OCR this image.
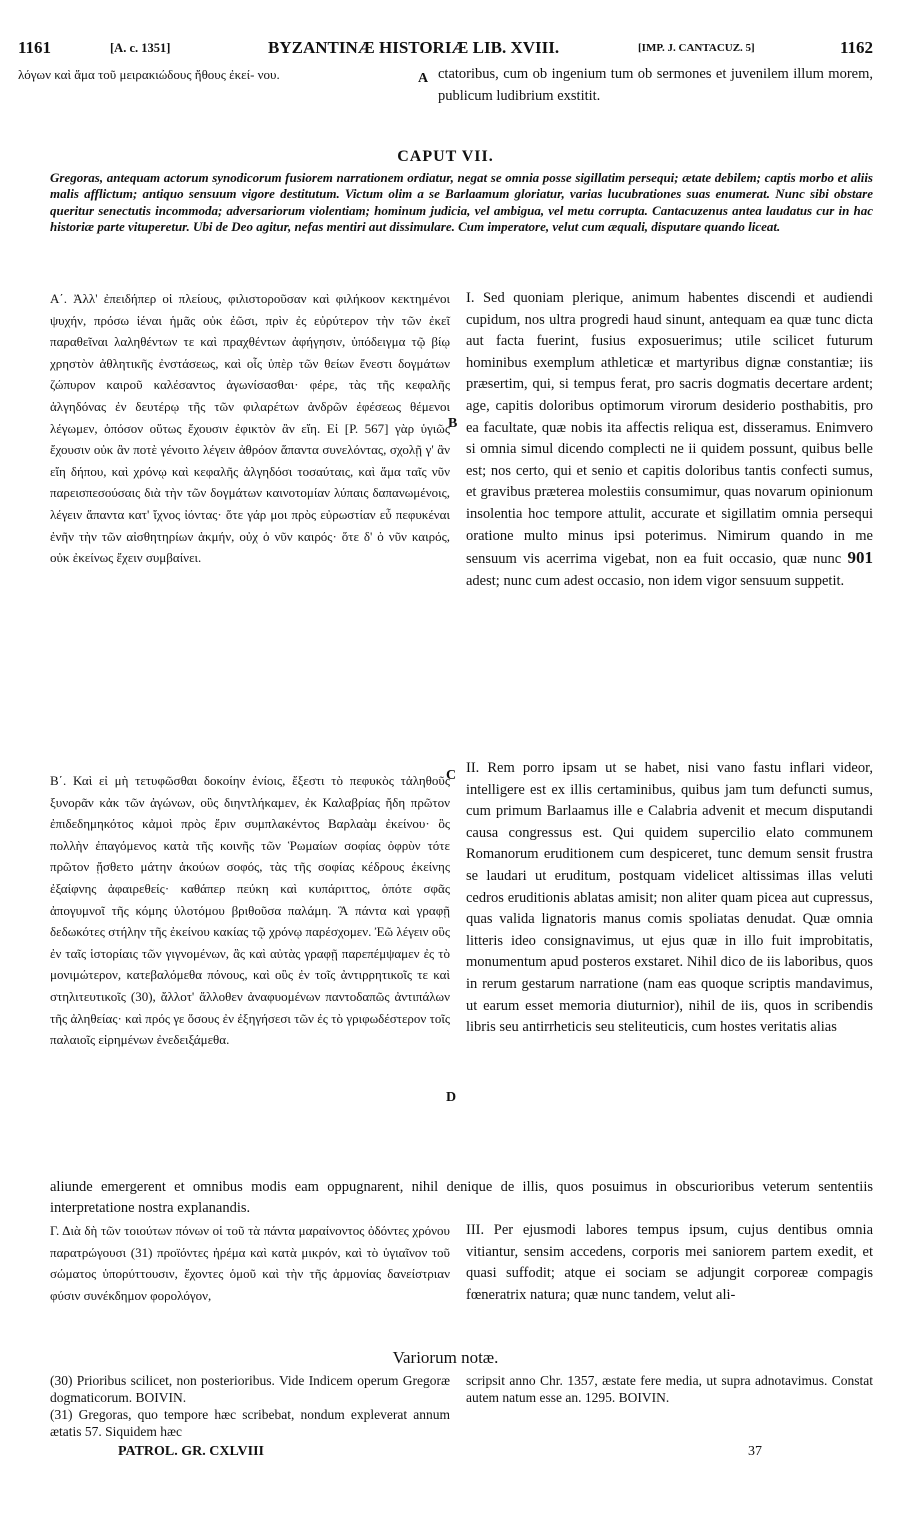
1161	[A. c. 1351]	BYZANTINÆ HISTORIÆ LIB. XVIII.	[IMP. J. CANTACUZ. 5]	1162
λόγων καὶ ἅμα τοῦ μειρακιώδους ἤθους ἐκεί- νου.	A ctatoribus, cum ob ingenium tum ob sermones et juvenilem illum morem, publicum ludibrium exstitit.
CAPUT VII.
Gregoras, antequam actorum synodicorum fusiorem narrationem ordiatur, negat se omnia posse sigillatim persequi; ætate debilem; captis morbo et aliis malis afflictum; antiquo sensuum vigore destitutum. Victum olim a se Barlaamum gloriatur, varias lucubrationes suas enumerat. Nunc sibi obstare queritur senectutis incommoda; adversariorum violentiam; hominum judicia, vel ambigua, vel metu corrupta. Cantacuzenus antea laudatus cur in hac historiæ parte vituperetur. Ubi de Deo agitur, nefas mentiri aut dissimulare. Cum imperatore, velut cum æquali, disputare quando liceat.
Α΄. Ἀλλ' ἐπειδήπερ οἱ πλείους, φιλιστοροῦσαν καὶ φιλήκοον κεκτημένοι ψυχήν, πρόσω ἰέναι ἡμᾶς οὐκ ἐῶσι, πρὶν ἐς εὐρύτερον τὴν τῶν ἐκεῖ παραθεῖναι λαληθέντων τε καὶ πραχθέντων ἀφήγησιν, ὑπόδειγμα τῷ βίῳ χρηστὸν ἀθλητικῆς ἐνστάσεως, καὶ οἷς ὑπὲρ τῶν θείων ἔνεστι δογμάτων ζώπυρον καιροῦ καλέσαντος ἀγωνίσασθαι· φέρε, τὰς τῆς κεφαλῆς ἀλγηδόνας ἐν δευτέρῳ τῆς τῶν φιλαρέτων ἀνδρῶν ἐφέσεως θέμενοι λέγωμεν, ὁπόσον οὕτως ἔχουσιν ἐφικτὸν ἂν εἴη. Εἰ [P. 567] γὰρ ὑγιῶς ἔχουσιν οὐκ ἂν ποτὲ γένοιτο λέγειν ἀθρόον ἅπαντα συνελόντας, σχολῇ γ' ἂν εἴη δήπου, καὶ χρόνῳ καὶ κεφαλῆς ἀλγηδόσι τοσαύταις, καὶ ἅμα ταῖς νῦν παρεισπεσούσαις διὰ τὴν τῶν δογμάτων καινοτομίαν λύπαις δαπανωμένοις, λέγειν ἅπαντα κατ' ἴχνος ἰόντας· ὅτε γάρ μοι πρὸς εὐρωστίαν εὖ πεφυκέναι ἐνῆν τὴν τῶν αἰσθητηρίων ἀκμήν, οὐχ ὁ νῦν καιρός· ὅτε δ' ὁ νῦν καιρός, οὐκ ἐκείνως ἔχειν συμβαίνει.
B
I. Sed quoniam plerique, animum habentes discendi et audiendi cupidum, nos ultra progredi haud sinunt, antequam ea quæ tunc dicta aut facta fuerint, fusius exposuerimus; utile scilicet futurum hominibus exemplum athleticæ et martyribus dignæ constantiæ; iis præsertim, qui, si tempus ferat, pro sacris dogmatis decertare ardent; age, capitis doloribus optimorum virorum desiderio posthabitis, pro ea facultate, quæ nobis ita affectis reliqua est, disseramus. Enimvero si omnia simul dicendo complecti ne ii quidem possunt, quibus belle est; nos certo, qui et senio et capitis doloribus tantis confecti sumus, et gravibus præterea molestiis consumimur, quas novarum opinionum insolentia hoc tempore attulit, accurate et sigillatim omnia persequi oratione multo minus ipsi poterimus. Nimirum quando in me sensuum vis acerrima vigebat, non ea fuit occasio, quæ nunc 901 adest; nunc cum adest occasio, non idem vigor sensuum suppetit.
C
Β΄. Καὶ εἰ μὴ τετυφῶσθαι δοκοίην ἐνίοις, ἔξεστι τὸ πεφυκὸς τἀληθοῦς ξυνορᾶν κἀκ τῶν ἀγώνων, οὓς διηντλήκαμεν, ἐκ Καλαβρίας ἤδη πρῶτον ἐπιδεδημηκότος κἀμοὶ πρὸς ἔριν συμπλακέντος Βαρλαὰμ ἐκείνου· ὃς πολλὴν ἐπαγόμενος κατὰ τῆς κοινῆς τῶν Ῥωμαίων σοφίας ὀφρὺν τότε πρῶτον ᾔσθετο μάτην ἀκούων σοφός, τὰς τῆς σοφίας κέδρους ἐκείνης ἐξαίφνης ἀφαιρεθείς· καθάπερ πεύκη καὶ κυπάριττος, ὁπότε σφᾶς ἀπογυμνοῖ τῆς κόμης ὑλοτόμου βριθοῦσα παλάμη. Ἃ πάντα καὶ γραφῇ δεδωκότες στήλην τῆς ἐκείνου κακίας τῷ χρόνῳ παρέσχομεν. Ἐῶ λέγειν οὓς ἐν ταῖς ἱστορίαις τῶν γιγνομένων, ἃς καὶ αὐτὰς γραφῇ παρεπέμψαμεν ἐς τὸ μονιμώτερον, κατεβαλόμεθα πόνους, καὶ οὓς ἐν τοῖς ἀντιρρητικοῖς τε καὶ στηλιτευτικοῖς (30), ἄλλοτ' ἄλλοθεν ἀναφυομένων παντοδαπῶς ἀντιπάλων τῆς ἀληθείας· καὶ πρός γε ὅσους ἐν ἐξηγήσεσι τῶν ἐς τὸ γριφωδέστερον τοῖς παλαιοῖς εἰρημένων ἐνεδειξάμεθα.
II. Rem porro ipsam ut se habet, nisi vano fastu inflari videor, intelligere est ex illis certaminibus, quibus jam tum defuncti sumus, cum primum Barlaamus ille e Calabria advenit et mecum disputandi causa congressus est. Qui quidem supercilio elato communem Romanorum eruditionem cum despiceret, tunc demum sensit frustra se laudari ut eruditum, postquam videlicet altissimas illas veluti cedros eruditionis ablatas amisit; non aliter quam picea aut cupressus, quas valida lignatoris manus comis spoliatas denudat. Quæ omnia litteris ideo consignavimus, ut ejus quæ in illo fuit improbitatis, monumentum apud posteros exstaret. Nihil dico de iis laboribus, quos in rerum gestarum narratione (nam eas quoque scriptis mandavimus, ut earum esset memoria diuturnior), nihil de iis, quos in scribendis libris seu antirrheticis seu steliteuticis, cum hostes veritatis alias
D
aliunde emergerent et omnibus modis eam oppugnarent, nihil denique de illis, quos posuimus in obscurioribus veterum sententiis interpretatione nostra explanandis.
Γ. Διὰ δὴ τῶν τοιούτων πόνων οἱ τοῦ τὰ πάντα μαραίνοντος ὀδόντες χρόνου παρατρώγουσι (31) προϊόντες ἠρέμα καὶ κατὰ μικρόν, καὶ τὸ ὑγιαῖνον τοῦ σώματος ὑπορύττουσιν, ἔχοντες ὁμοῦ καὶ τὴν τῆς ἁρμονίας δανείστριαν φύσιν συνέκδημον φορολόγον,
III. Per ejusmodi labores tempus ipsum, cujus dentibus omnia vitiantur, sensim accedens, corporis mei saniorem partem exedit, et quasi suffodit; atque ei sociam se adjungit corporeæ compagis fœneratrix natura; quæ nunc tandem, velut ali-
Variorum notæ.

(30) Prioribus scilicet, non posterioribus. Vide Indicem operum Gregoræ dogmaticorum. BOIVIN.

(31) Gregoras, quo tempore hæc scribebat, nondum expleverat annum ætatis 57. Siquidem hæc

scripsit anno Chr. 1357, æstate fere media, ut supra adnotavimus. Constat autem natum esse an. 1295. BOIVIN.
PATROL. GR. CXLVIII	37
